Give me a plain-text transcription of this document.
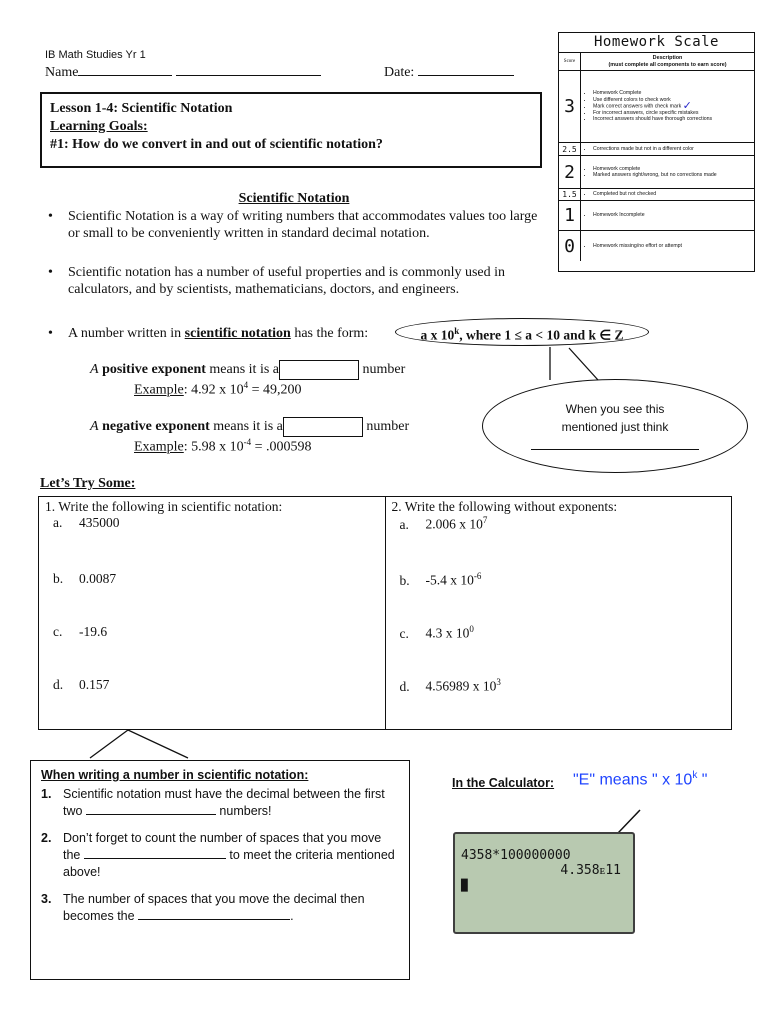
IB Math Studies Yr 1
Name	Date:
Homework Scale
Score
Description
(must complete all components to earn score)
3
• Homework Complete
• Use different colors to check work
• Mark correct answers with check mark ✓
• For incorrect answers, circle specific mistakes
• Incorrect answers should have thorough corrections
2.5	• Corrections made but not in a different color
2	• Homework complete
• Marked answers right/wrong, but no corrections made
1.5	• Completed but not checked
1	• Homework Incomplete
0	• Homework missing/no effort or attempt
Lesson 1-4: Scientific Notation
Learning Goals:
#1: How do we convert in and out of scientific notation?
Scientific Notation
• Scientific Notation is a way of writing numbers that accommodates values too large or small to be conveniently written in standard decimal notation.
• Scientific notation has a number of useful properties and is commonly used in calculators, and by scientists, mathematicians, doctors, and engineers.
• A number written in scientific notation has the form:	a x 10$^k$, where 1 ≤ a < 10 and k ∈ Z
A positive exponent means it is a	number
Example: 4.92 x $10^4 = 49,200$
A negative exponent means it is a	number
Example: 5.98 x $10^{-4} = .000598$
When you see this
mentioned just think
Let’s Try Some:
1. Write the following in scientific notation:
a. 435000
b. 0.0087
c. -19.6
d. 0.157
2. Write the following without exponents:
a. 2.006 x $10^7$
b. -5.4 x $10^{-6}$
c. 4.3 x $10^0$
d. 4.56989 x $10^3$
When writing a number in scientific notation:
1. Scientific notation must have the decimal between the first two	numbers!
2. Don’t forget to count the number of spaces that you move the	to meet the criteria mentioned above!
3. The number of spaces that you move the decimal then becomes the	.
In the Calculator: "E" means " x 10$^k$ "
4358*100000000
4.358ᴇ11
█
